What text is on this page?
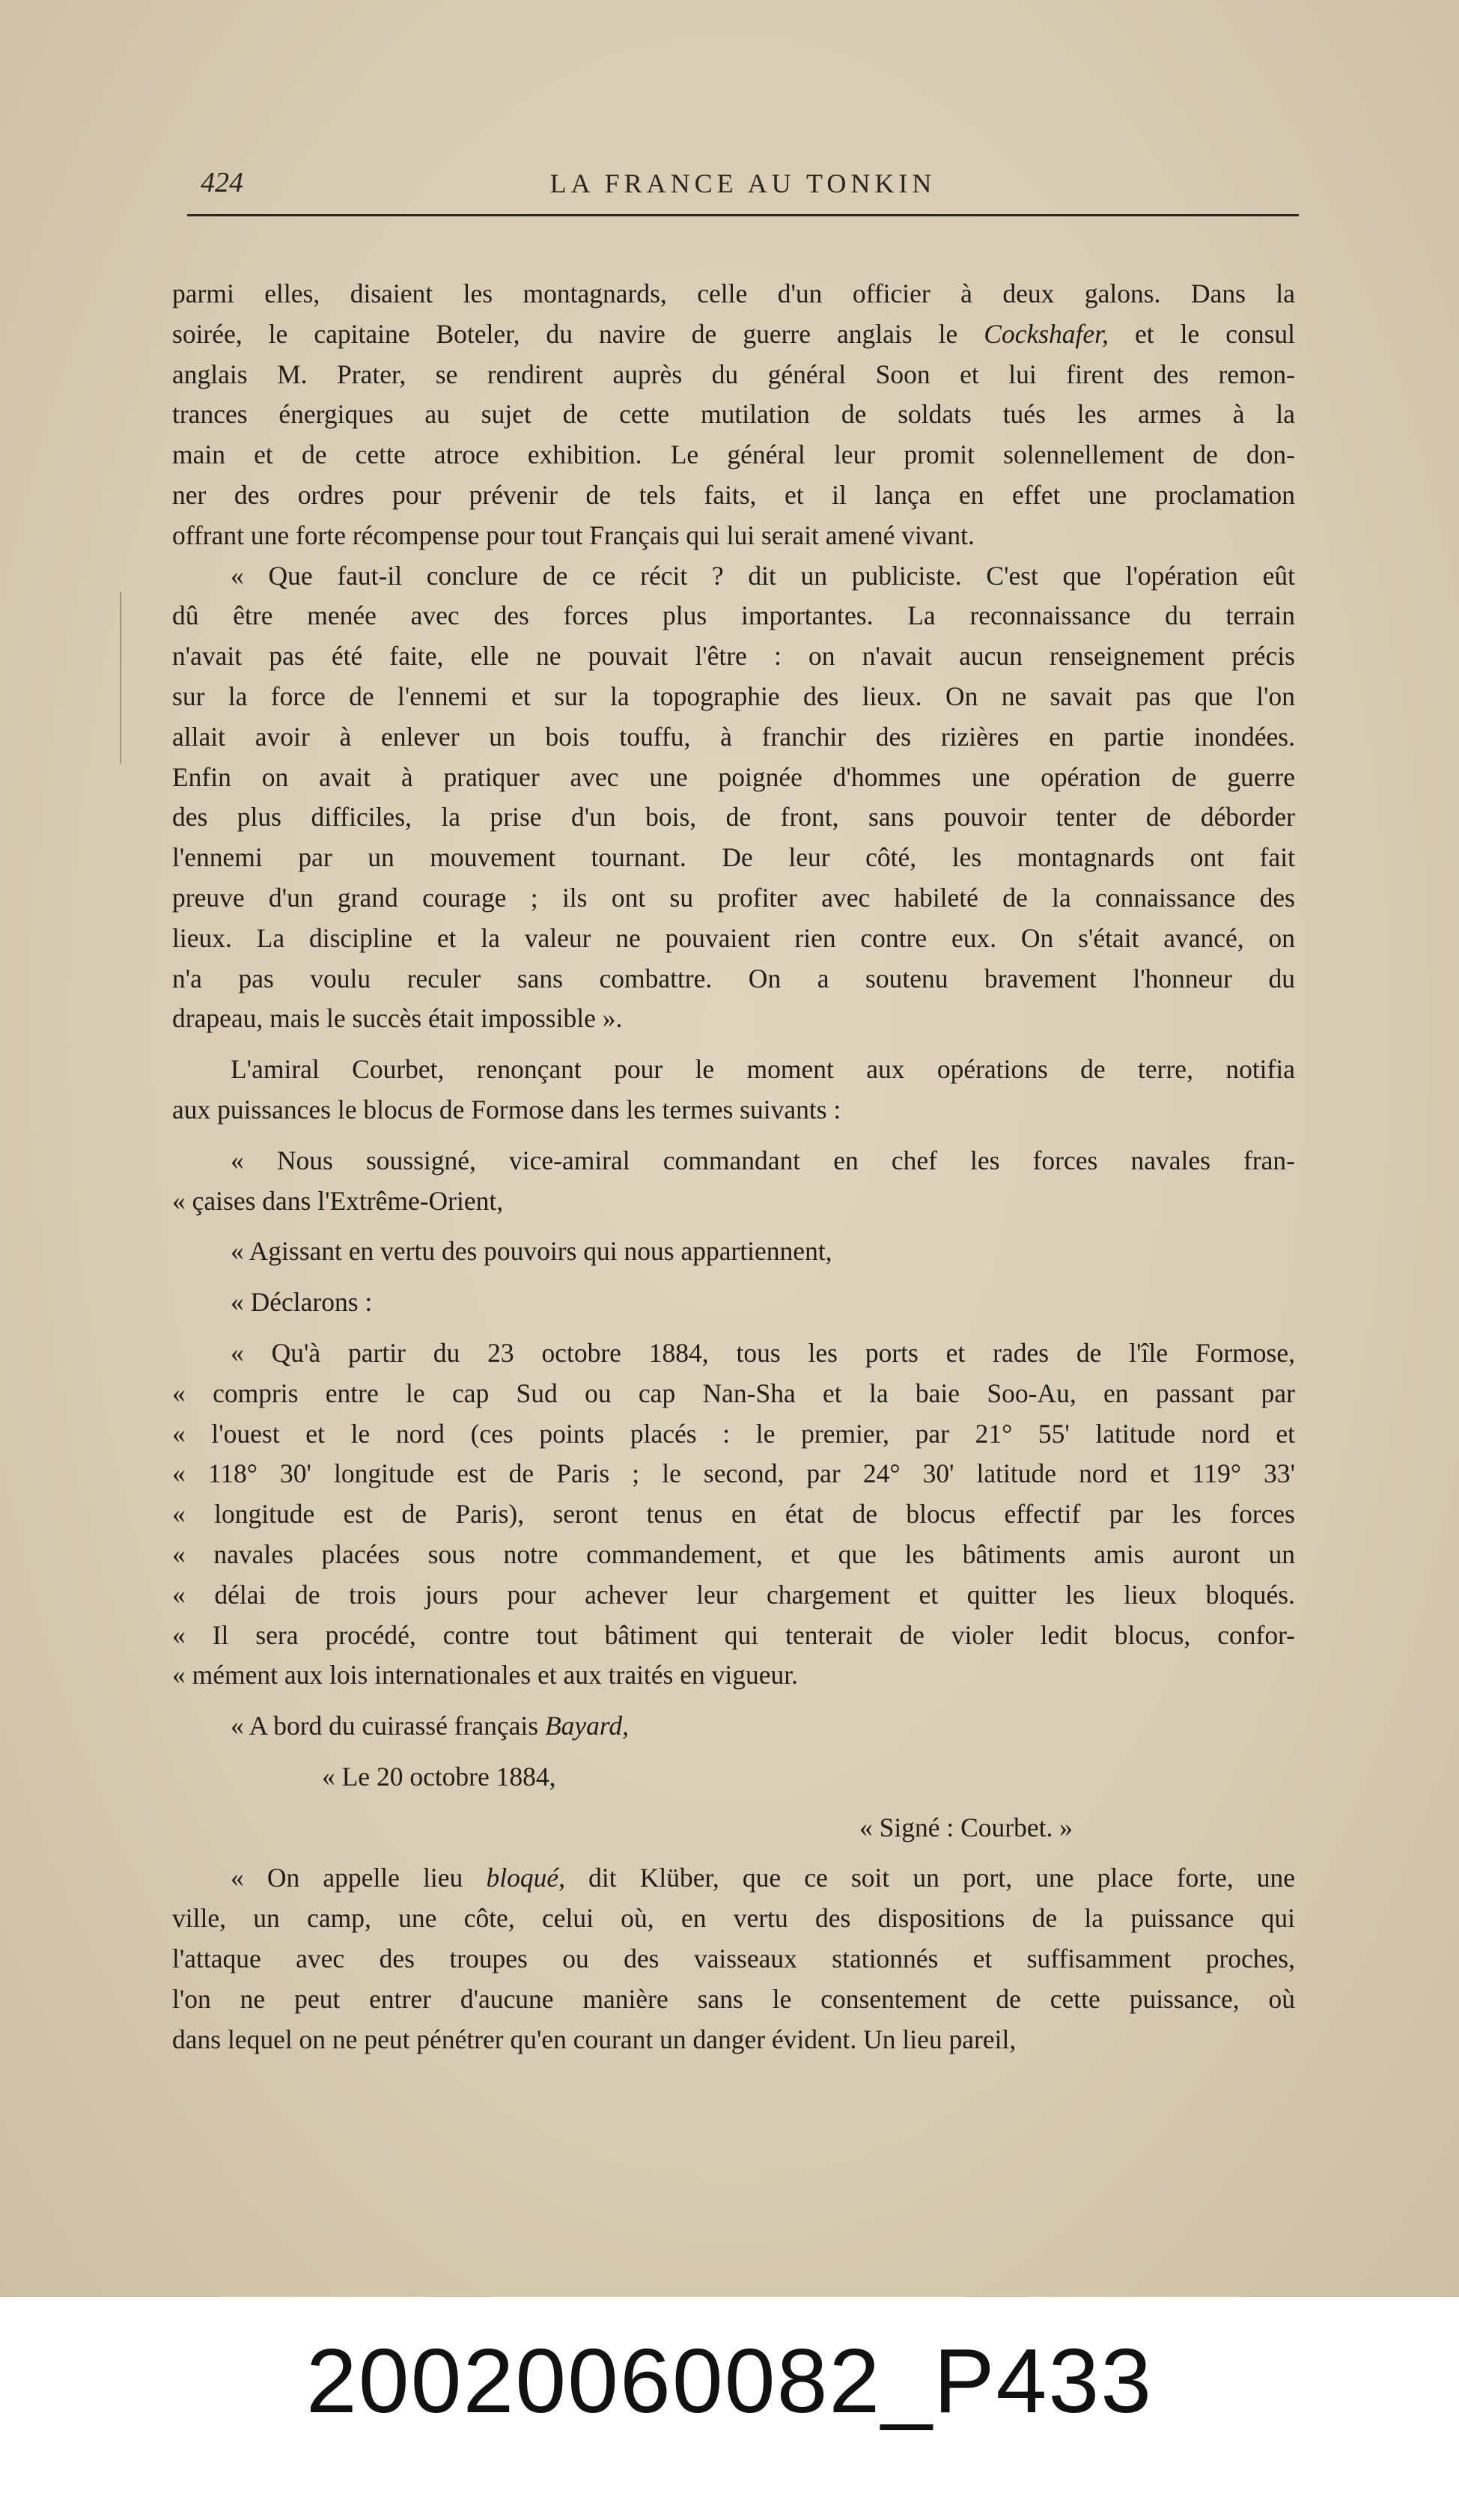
424	LA FRANCE AU TONKIN
parmi elles, disaient les montagnards, celle d'un officier à deux galons. Dans la
soirée, le capitaine Boteler, du navire de guerre anglais le Cockshafer, et le consul
anglais M. Prater, se rendirent auprès du général Soon et lui firent des remon-
trances énergiques au sujet de cette mutilation de soldats tués les armes à la
main et de cette atroce exhibition. Le général leur promit solennellement de don-
ner des ordres pour prévenir de tels faits, et il lança en effet une proclamation
offrant une forte récompense pour tout Français qui lui serait amené vivant.
« Que faut-il conclure de ce récit ? dit un publiciste. C'est que l'opération eût
dû être menée avec des forces plus importantes. La reconnaissance du terrain
n'avait pas été faite, elle ne pouvait l'être : on n'avait aucun renseignement précis
sur la force de l'ennemi et sur la topographie des lieux. On ne savait pas que l'on
allait avoir à enlever un bois touffu, à franchir des rizières en partie inondées.
Enfin on avait à pratiquer avec une poignée d'hommes une opération de guerre
des plus difficiles, la prise d'un bois, de front, sans pouvoir tenter de déborder
l'ennemi par un mouvement tournant. De leur côté, les montagnards ont fait
preuve d'un grand courage ; ils ont su profiter avec habileté de la connaissance des
lieux. La discipline et la valeur ne pouvaient rien contre eux. On s'était avancé, on
n'a pas voulu reculer sans combattre. On a soutenu bravement l'honneur du
drapeau, mais le succès était impossible ».
L'amiral Courbet, renonçant pour le moment aux opérations de terre, notifia
aux puissances le blocus de Formose dans les termes suivants :
« Nous soussigné, vice-amiral commandant en chef les forces navales fran-
« çaises dans l'Extrême-Orient,
« Agissant en vertu des pouvoirs qui nous appartiennent,
« Déclarons :
« Qu'à partir du 23 octobre 1884, tous les ports et rades de l'île Formose,
« compris entre le cap Sud ou cap Nan-Sha et la baie Soo-Au, en passant par
« l'ouest et le nord (ces points placés : le premier, par 21° 55' latitude nord et
« 118° 30' longitude est de Paris ; le second, par 24° 30' latitude nord et 119° 33'
« longitude est de Paris), seront tenus en état de blocus effectif par les forces
« navales placées sous notre commandement, et que les bâtiments amis auront un
« délai de trois jours pour achever leur chargement et quitter les lieux bloqués.
« Il sera procédé, contre tout bâtiment qui tenterait de violer ledit blocus, confor-
« mément aux lois internationales et aux traités en vigueur.
« A bord du cuirassé français Bayard,
« Le 20 octobre 1884,
« Signé : Courbet. »
« On appelle lieu bloqué, dit Klüber, que ce soit un port, une place forte, une
ville, un camp, une côte, celui où, en vertu des dispositions de la puissance qui
l'attaque avec des troupes ou des vaisseaux stationnés et suffisamment proches,
l'on ne peut entrer d'aucune manière sans le consentement de cette puissance, où
dans lequel on ne peut pénétrer qu'en courant un danger évident. Un lieu pareil,
20020060082_P433
